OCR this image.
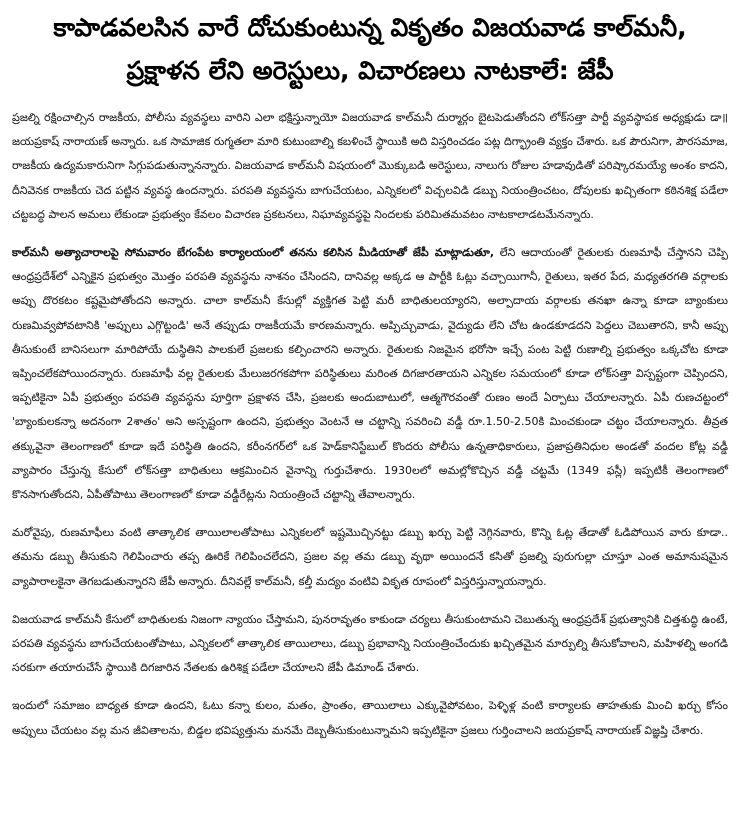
కాపాడవలసిన వారే దోచుకుంటున్న వికృతం విజయవాడ కాల్‌మనీ,
ప్రక్షాళన లేని అరెస్టులు, విచారణలు నాటకాలే: జేపీ

ప్రజల్ని రక్షించాల్సిన రాజకీయ, పోలీసు వ్యవస్థలు వారిని ఎలా భక్షిస్తున్నాయో విజయవాడ కాల్‌మనీ దుర్మార్గం బైటపెడుతోందని లోక్‌సత్తా పార్టీ వ్యవస్థాపక అధ్యక్షుడు డా॥ జయప్రకాష్ నారాయణ్ అన్నారు. ఒక సామాజిక రుగ్మతలా మారి కుటుంబాల్ని కబళించే స్థాయికి అది విస్తరించడం పట్ల దిగ్భ్రాంతి వ్యక్తం చేశారు. ఒక పౌరునిగా, పౌరసమాజ, రాజకీయ ఉద్యమకారునిగా సిగ్గుపడుతున్నానన్నారు. విజయవాడ కాల్‌మనీ విషయంలో మొక్కుబడి అరెస్టులు, నాలుగు రోజుల హడావుడితో పరిష్కారమయ్యే అంశం కాదని, దీనివెనక రాజకీయ చెద పట్టిన వ్యవస్థ ఉందన్నారు. పరపతి వ్యవస్థను బాగుచేయటం, ఎన్నికలలో విచ్చలవిడి డబ్బు నియంత్రించటం, దోపులకు ఖచ్చితంగా కఠినశిక్ష పడేలా చట్టబద్ధ పాలన అమలు లేకుండా ప్రభుత్వం కేవలం విచారణ ప్రకటనలు, నిఘావ్యవస్థపై నిందలకు పరిమితమవటం నాటకాలాడటమేనన్నారు.

కాల్‌మనీ అత్యాచారాలపై సోమవారం బేగంపేట కార్యాలయంలో తనను కలిసిన మీడియాతో జేపీ మాట్లాడుతూ, లేని ఆదాయంతో రైతులకు రుణమాఫీ చేస్తానని చెప్పి ఆంధ్రప్రదేశ్‌లో ఎన్నికైన ప్రభుత్వం మొత్తం పరపతి వ్యవస్థను నాశనం చేసిందని, దానివల్ల అక్కడ ఆ పార్టీకి ఓట్లు వచ్చాయిగానీ, రైతులు, ఇతర పేద, మధ్యతరగతి వర్గాలకు అప్పు దొరకటం కష్టమైపోతోందని అన్నారు. చాలా కాల్‌మనీ కేసుల్లో వ్యక్తిగత పెట్టి మరీ బాధితులయ్యారని, అల్పాదాయ వర్గాలకు తనఖా ఉన్నా కూడా బ్యాంకులు రుణమివ్వపోవటానికి 'అప్పులు ఎగ్గొట్టండి' అనే తప్పుడు రాజకీయమే కారణమన్నారు. అప్పిచ్చువాడు, వైద్యుడు లేని చోట ఉండకూడదని పెద్దలు చెబుతారని, కానీ అప్పు తీసుకుంటే బానిసలుగా మారిపోయే దుస్థితిని పాలకులే ప్రజలకు కల్పించారని అన్నారు. రైతులకు నిజమైన భరోసా ఇచ్చే పంట పెట్టి రుణాల్ని ప్రభుత్వం ఒక్కచోట కూడా ఇప్పించలేకపోయిందన్నారు. రుణమాఫీ వల్ల రైతులకు మేలుజరగకపోగా పరిస్థితులు మరింత దిగజారతాయని ఎన్నికల సమయంలో కూడా లోక్‌సత్తా విస్పష్టంగా చెప్పిందని, ఇప్పటికైనా ఏపీ ప్రభుత్వం పరపతి వ్యవస్థను పూర్తిగా ప్రక్షాళన చేసి, ప్రజలకు అందుబాటులో, ఆత్మగౌరవంతో రుణం అందే ఏర్పాటు చేయాలన్నారు. ఏపీ రుణచట్టంలో 'బ్యాంకులకన్నా అదనంగా 2శాతం' అని అస్పష్టంగా ఉందని, ప్రభుత్వం వెంటనే ఆ చట్టాన్ని సవరించి వడ్డీ రూ.1.50-2.50కి మించకుండా చట్టం చేయాలన్నారు. తీవ్రత తక్కువైనా తెలంగాణలో కూడా ఇదే పరిస్థితి ఉందని, కరీంనగర్‌లో ఒక హెడ్‌కానిస్టేబుల్ కొందరు పోలీసు ఉన్నతాధికారులు, ప్రజాప్రతినిధుల అండతో వందల కోట్ల వడ్డీ వ్యాపారం చేస్తున్న కేసులో లోక్‌సత్తా బాధితులు ఆక్రమించిన వైనాన్ని గుర్తుచేశారు. 1930లలో అమల్లోకొచ్చిన వడ్డీ చట్టమే (1349 ఫస్లీ) ఇప్పటికీ తెలంగాణలో కొనసాగుతోందని, ఏపీతోపాటు తెలంగాణలో కూడా వడ్డీరేట్లను నియంత్రించే చట్టాన్ని తేవాలన్నారు.

మరోవైపు, రుణమాఫీలు వంటి తాత్కాలిక తాయిలాలతోపాటు ఎన్నికలలో ఇష్టమొచ్చినట్టు డబ్బు ఖర్చు పెట్టి నెగ్గినవారు, కొన్ని ఓట్ల తేడాతో ఓడిపోయిన వారు కూడా.. తమను డబ్బు తీసుకుని గెలిపించారు తప్ప ఊరికే గెలిపించలేదని, ప్రజల వల్ల తమ డబ్బు వృథా అయిందనే కసితో ప్రజల్ని పురుగుల్లా చూస్తూ ఎంత అమానుషమైన వ్యాపారాలకైనా తెగబడుతున్నారని జేపీ అన్నారు. దీనివల్లే కాల్‌మనీ, కల్తీ మద్యం వంటివి వికృత రూపంలో విస్తరిస్తున్నాయన్నారు.

విజయవాడ కాల్‌మనీ కేసులో బాధితులకు నిజంగా న్యాయం చేస్తామని, పునరావృతం కాకుండా చర్యలు తీసుకుంటామని చెబుతున్న ఆంధ్రప్రదేశ్ ప్రభుత్వానికి చిత్తశుద్ధి ఉంటే, పరపతి వ్యవస్థను బాగుచేయటంతోపాటు, ఎన్నికలలో తాత్కాలిక తాయిలాలు, డబ్బు ప్రభావాన్ని నియంత్రించేందుకు ఖచ్చితమైన మార్పుల్ని తీసుకోవాలని, మహిళల్ని అంగడి సరకుగా తయారుచేసే స్థాయికి దిగజారిన నేతలకు ఉరిశిక్ష పడేలా చేయాలని జేపీ డిమాండ్ చేశారు.

ఇందులో సమాజం బాధ్యత కూడా ఉందని, ఓటు కన్నా కులం, మతం, ప్రాంతం, తాయిలాలు ఎక్కువైపోవటం, పెళ్ళిళ్ల వంటి కార్యాలకు తాహతుకు మించి ఖర్చు కోసం అప్పులు చేయటం వల్ల మన జీవితాలను, బిడ్డల భవిష్యత్తును మనమే దెబ్బతీసుకుంటున్నామని ఇప్పటికైనా ప్రజలు గుర్తించాలని జయప్రకాష్ నారాయణ్ విజ్ఞప్తి చేశారు.
